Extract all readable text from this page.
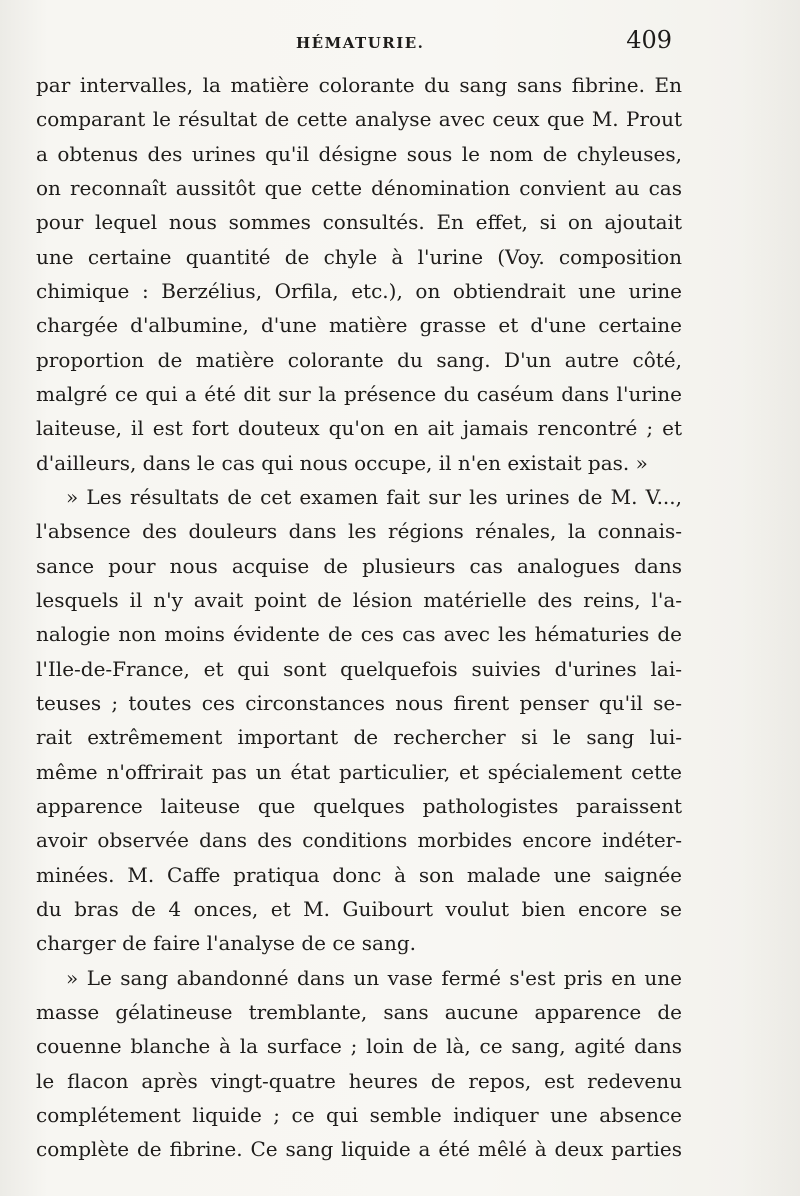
HÉMATURIE.	409
par intervalles, la matière colorante du sang sans fibrine. En
comparant le résultat de cette analyse avec ceux que M. Prout
a obtenus des urines qu'il désigne sous le nom de chyleuses,
on reconnaît aussitôt que cette dénomination convient au cas
pour lequel nous sommes consultés. En effet, si on ajoutait
une certaine quantité de chyle à l'urine (Voy. composition
chimique : Berzélius, Orfila, etc.), on obtiendrait une urine
chargée d'albumine, d'une matière grasse et d'une certaine
proportion de matière colorante du sang. D'un autre côté,
malgré ce qui a été dit sur la présence du caséum dans l'urine
laiteuse, il est fort douteux qu'on en ait jamais rencontré ; et
d'ailleurs, dans le cas qui nous occupe, il n'en existait pas. »
» Les résultats de cet examen fait sur les urines de M. V...,
l'absence des douleurs dans les régions rénales, la connais-
sance pour nous acquise de plusieurs cas analogues dans
lesquels il n'y avait point de lésion matérielle des reins, l'a-
nalogie non moins évidente de ces cas avec les hématuries de
l'Ile-de-France, et qui sont quelquefois suivies d'urines lai-
teuses ; toutes ces circonstances nous firent penser qu'il se-
rait extrêmement important de rechercher si le sang lui-
même n'offrirait pas un état particulier, et spécialement cette
apparence laiteuse que quelques pathologistes paraissent
avoir observée dans des conditions morbides encore indéter-
minées. M. Caffe pratiqua donc à son malade une saignée
du bras de 4 onces, et M. Guibourt voulut bien encore se
charger de faire l'analyse de ce sang.
» Le sang abandonné dans un vase fermé s'est pris en une
masse gélatineuse tremblante, sans aucune apparence de
couenne blanche à la surface ; loin de là, ce sang, agité dans
le flacon après vingt-quatre heures de repos, est redevenu
complétement liquide ; ce qui semble indiquer une absence
complète de fibrine. Ce sang liquide a été mêlé à deux parties
